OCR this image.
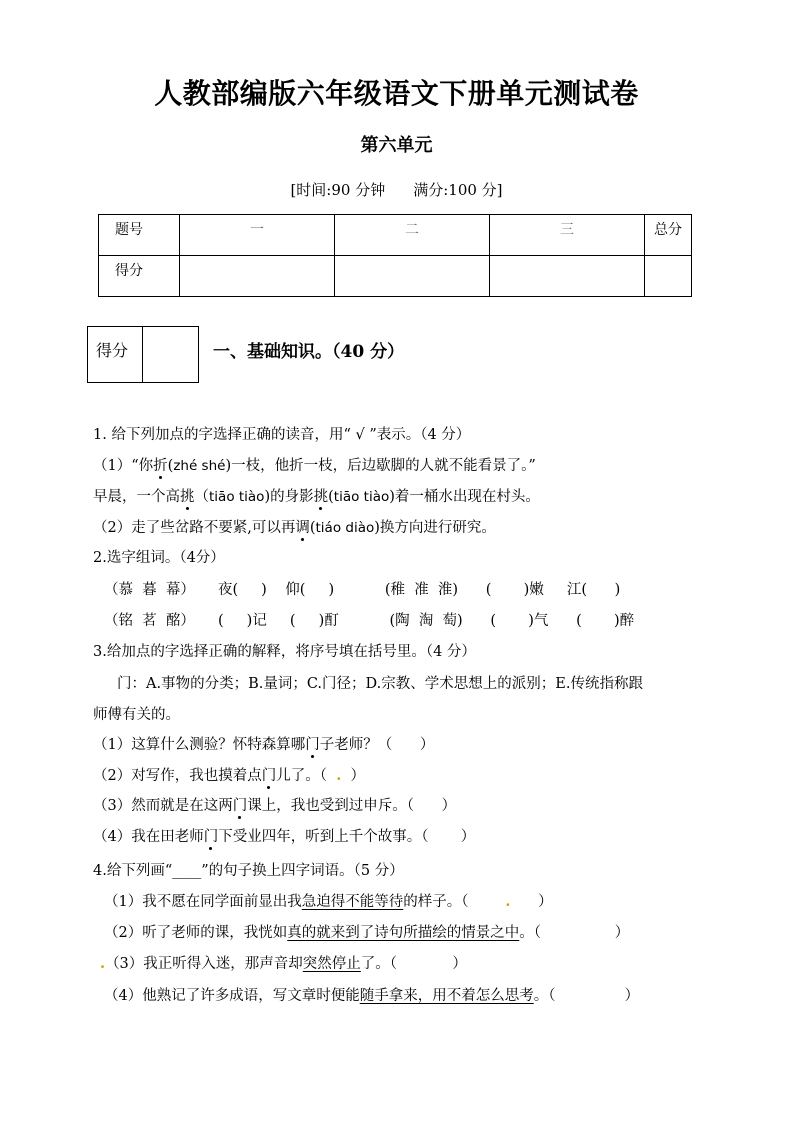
人教部编版六年级语文下册单元测试卷
第六单元
[时间:90 分钟 满分:100 分]
题号	一	二	三	总分
得分				
得分	一、基础知识。（40 分）
1. 给下列加点的字选择正确的读音，用“ √ ”表示。（4 分）
（1）“你折(zhé shé)一枝，他折一枝，后边歇脚的人就不能看景了。”
早晨，一个高挑（tiāo tiào)的身影挑(tiāo tiào)着一桶水出现在村头。
（2）走了些岔路不要紧,可以再调(tiáo diào)换方向进行研究。
2.选字组词。（4分）
（慕  暮  幕）     夜(     )    仰(     )           (稚  准  淮)      (       )嫩     江(      )
（铭  茗  酩）     (     )记     (     )酊           (陶  淘  萄)      (       )气      (       )醉
3.给加点的字选择正确的解释，将序号填在括号里。（4 分）
门：A.事物的分类；B.量词；C.门径；D.宗教、学术思想上的派别；E.传统指称跟
师傅有关的。
（1）这算什么测验？怀特森算哪门子老师？（      ）
（2）对写作，我也摸着点门儿了。（  .  ）
（3）然而就是在这两门课上，我也受到过申斥。（      ）
（4）我在田老师门下受业四年，听到上千个故事。（       ）
4.给下列画“____”的句子换上四字词语。（5 分）
（1）我不愿在同学面前显出我急迫得不能等待的样子。（        .      ）
（2）听了老师的课，我恍如真的就来到了诗句所描绘的情景之中。（                ）
.（3）我正听得入迷，那声音却突然停止了。（            ）
（4）他熟记了许多成语，写文章时便能随手拿来，用不着怎么思考。（               ）
